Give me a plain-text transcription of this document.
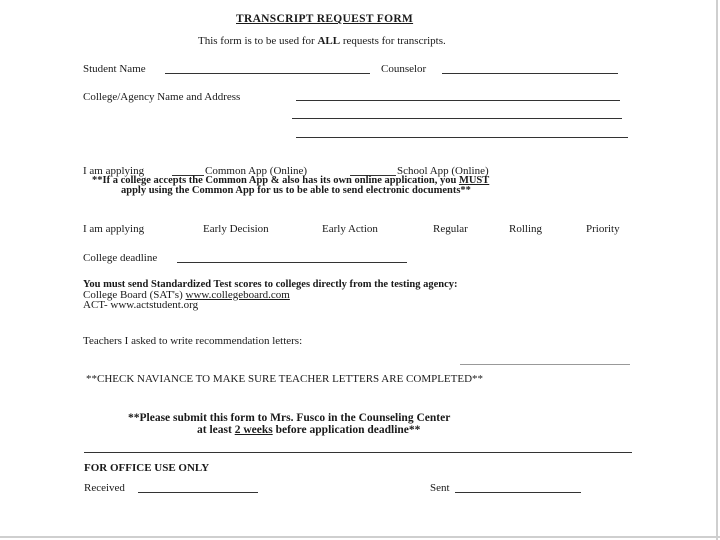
TRANSCRIPT REQUEST FORM
This form is to be used for ALL requests for transcripts.
Student Name	Counselor
College/Agency Name and Address
I am applying	Common App (Online)	School App (Online)
**If a college accepts the Common App & also has its own online application, you MUST
apply using the Common App for us to be able to send electronic documents**
I am applying	Early Decision	Early Action	Regular	Rolling	Priority
College deadline
You must send Standardized Test scores to colleges directly from the testing agency:
College Board (SAT's) www.collegeboard.com
ACT- www.actstudent.org
Teachers I asked to write recommendation letters:
**CHECK NAVIANCE TO MAKE SURE TEACHER LETTERS ARE COMPLETED**
**Please submit this form to Mrs. Fusco in the Counseling Center
at least 2 weeks before application deadline**
FOR OFFICE USE ONLY
Received	Sent
